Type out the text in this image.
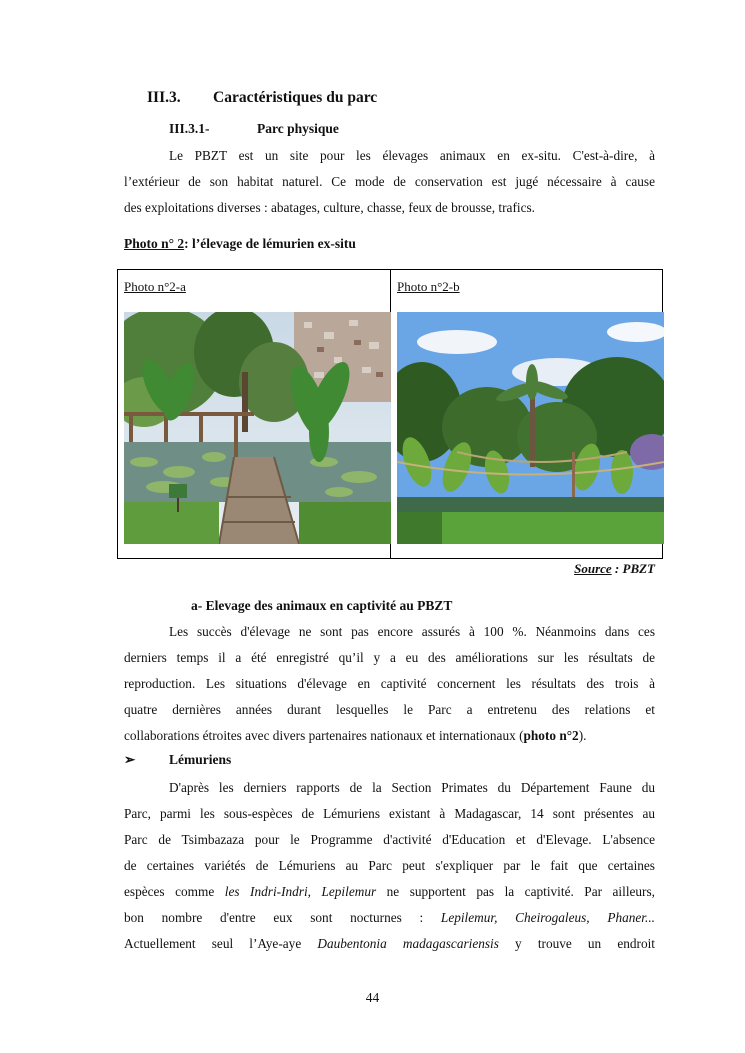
III.3. Caractéristiques du parc
III.3.1-	Parc physique
Le PBZT est un site pour les élevages animaux en ex-situ. C'est-à-dire, à
l’extérieur de son habitat naturel. Ce mode de conservation est jugé nécessaire à cause
des exploitations diverses : abatages, culture, chasse, feux de brousse, trafics.
Photo n° 2: l’élevage de lémurien ex-situ
Photo n°2-a	Photo n°2-b
Source : PBZT
a- Elevage des animaux en captivité au PBZT
Les succès d'élevage ne sont pas encore assurés à 100 %. Néanmoins dans ces
derniers temps il a été enregistré qu’il y a eu des améliorations sur les résultats de
reproduction. Les situations d'élevage en captivité concernent les résultats des trois à
quatre dernières années durant lesquelles le Parc a entretenu des relations et
collaborations étroites avec divers partenaires nationaux et internationaux (photo n°2).
➢ Lémuriens
D'après les derniers rapports de la Section Primates du Département Faune du
Parc, parmi les sous-espèces de Lémuriens existant à Madagascar, 14 sont présentes au
Parc de Tsimbazaza pour le Programme d'activité d'Education et d'Elevage. L'absence
de certaines variétés de Lémuriens au Parc peut s'expliquer par le fait que certaines
espèces comme les Indri-Indri, Lepilemur ne supportent pas la captivité. Par ailleurs,
bon nombre d'entre eux sont nocturnes : Lepilemur, Cheirogaleus, Phaner...
Actuellement seul l’Aye-aye Daubentonia madagascariensis y trouve un endroit
44
